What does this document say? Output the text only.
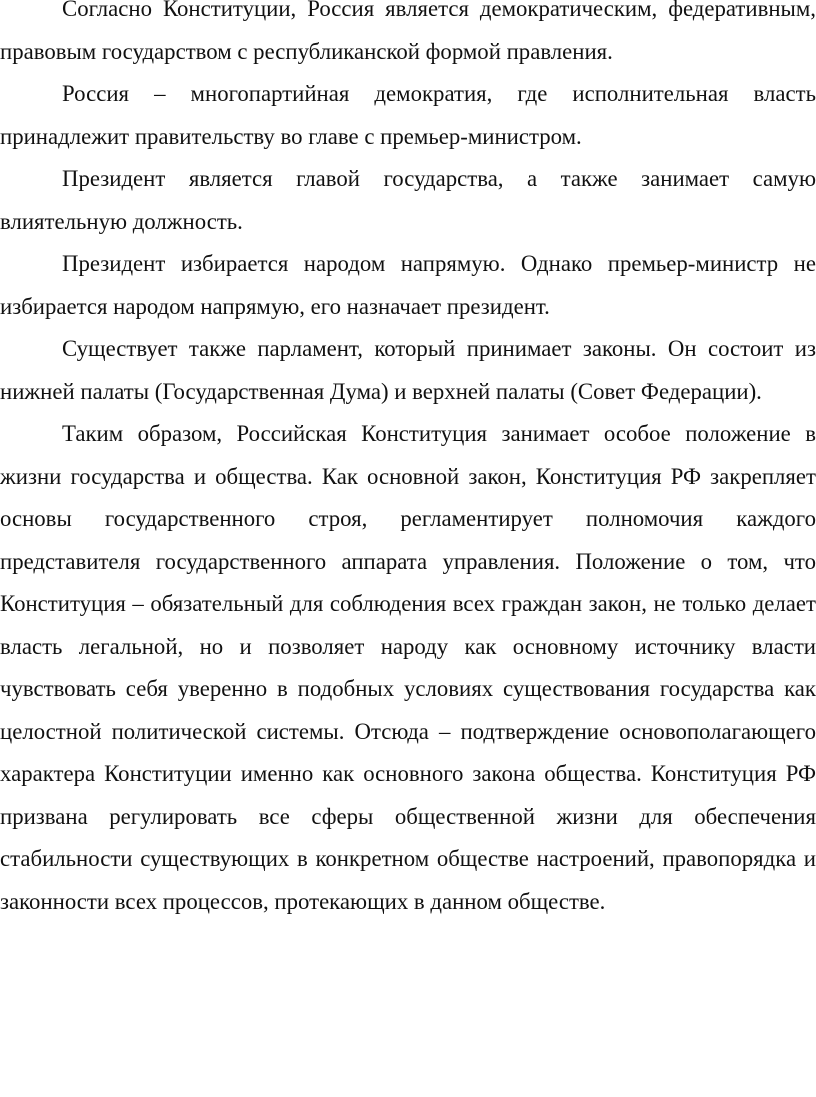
Согласно Конституции, Россия является демократическим, федеративным, правовым государством с республиканской формой правления.

Россия – многопартийная демократия, где исполнительная власть принадлежит правительству во главе с премьер-министром.

Президент является главой государства, а также занимает самую влиятельную должность.

Президент избирается народом напрямую. Однако премьер-министр не избирается народом напрямую, его назначает президент.

Существует также парламент, который принимает законы. Он состоит из нижней палаты (Государственная Дума) и верхней палаты (Совет Федерации).

Таким образом, Российская Конституция занимает особое положение в жизни государства и общества. Как основной закон, Конституция РФ закрепляет основы государственного строя, регламентирует полномочия каждого представителя государственного аппарата управления. Положение о том, что Конституция – обязательный для соблюдения всех граждан закон, не только делает власть легальной, но и позволяет народу как основному источнику власти чувствовать себя уверенно в подобных условиях существования государства как целостной политической системы. Отсюда – подтверждение основополагающего характера Конституции именно как основного закона общества. Конституция РФ призвана регулировать все сферы общественной жизни для обеспечения стабильности существующих в конкретном обществе настроений, правопорядка и законности всех процессов, протекающих в данном обществе.
